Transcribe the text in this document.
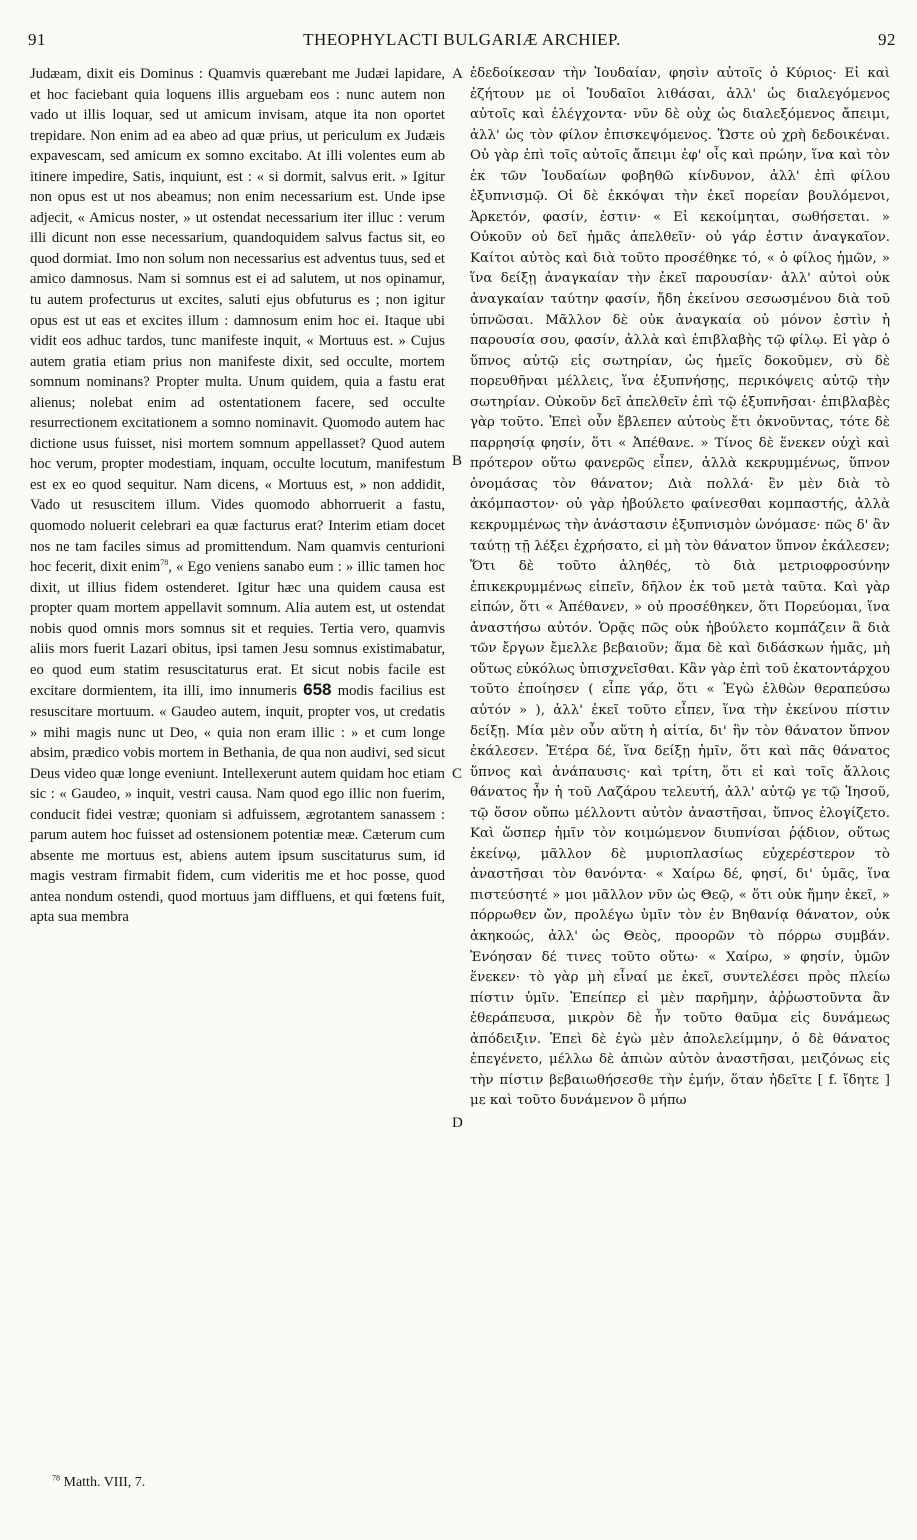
91	THEOPHYLACTI BULGARIÆ ARCHIEP.	92

Judæam, dixit eis Dominus : Quamvis quærebant me Judæi lapidare, et hoc faciebant quia loquens illis arguebam eos : nunc autem non vado ut illis loquar, sed ut amicum invisam, atque ita non oportet trepidare. Non enim ad ea abeo ad quæ prius, ut periculum ex Judæis expavescam, sed amicum ex somno excitabo. At illi volentes eum ab itinere impedire, Satis, inquiunt, est : « si dormit, salvus erit. » Igitur non opus est ut nos abeamus; non enim necessarium est. Unde ipse adjecit, « Amicus noster, » ut ostendat necessarium iter illuc : verum illi dicunt non esse necessarium, quandoquidem salvus factus sit, eo quod dormiat. Imo non solum non necessarius est adventus tuus, sed et amico damnosus. Nam si somnus est ei ad salutem, ut nos opinamur, tu autem profecturus ut excites, saluti ejus obfuturus es ; non igitur opus est ut eas et excites illum : damnosum enim hoc ei. Itaque ubi vidit eos adhuc tardos, tunc manifeste inquit, « Mortuus est. » Cujus autem gratia etiam prius non manifeste dixit, sed occulte, mortem somnum nominans? Propter multa. Unum quidem, quia a fastu erat alienus; nolebat enim ad ostentationem facere, sed occulte resurrectionem excitationem a somno nominavit. Quomodo autem hac dictione usus fuisset, nisi mortem somnum appellasset? Quod autem hoc verum, propter modestiam, inquam, occulte locutum, manifestum est ex eo quod sequitur. Nam dicens, « Mortuus est, » non addidit, Vado ut resuscitem illum. Vides quomodo abhorruerit a fastu, quomodo noluerit celebrari ea quæ facturus erat? Interim etiam docet nos ne tam faciles simus ad promittendum. Nam quamvis centurioni hoc fecerit, dixit enim$^{78}$, « Ego veniens sanabo eum : » illic tamen hoc dixit, ut illius fidem ostenderet. Igitur hæc una quidem causa est propter quam mortem appellavit somnum. Alia autem est, ut ostendat nobis quod omnis mors somnus sit et requies. Tertia vero, quamvis aliis mors fuerit Lazari obitus, ipsi tamen Jesu somnus existimabatur, eo quod eum statim resuscitaturus erat. Et sicut nobis facile est excitare dormientem, ita illi, imo innumeris 658 modis facilius est resuscitare mortuum. « Gaudeo autem, inquit, propter vos, ut credatis » mihi magis nunc ut Deo, « quia non eram illic : » et cum longe absim, prædico vobis mortem in Bethania, de qua non audivi, sed sicut Deus video quæ longe eveniunt. Intellexerunt autem quidam hoc etiam sic : « Gaudeo, » inquit, vestri causa. Nam quod ego illic non fuerim, conducit fidei vestræ; quoniam si adfuissem, ægrotantem sanassem : parum autem hoc fuisset ad ostensionem potentiæ meæ. Cæterum cum absente me mortuus est, abiens autem ipsum suscitaturus sum, id magis vestram firmabit fidem, cum videritis me et hoc posse, quod antea nondum ostendi, quod mortuus jam diffluens, et qui fœtens fuit, apta sua membra

A
B
C
D

ἐδεδοίκεσαν τὴν Ἰουδαίαν, φησὶν αὐτοῖς ὁ Κύριος· Εἰ καὶ ἐζήτουν με οἱ Ἰουδαῖοι λιθάσαι, ἀλλ' ὡς διαλεγόμενος αὐτοῖς καὶ ἐλέγχοντα· νῦν δὲ οὐχ ὡς διαλεξόμενος ἄπειμι, ἀλλ' ὡς τὸν φίλον ἐπισκεψόμενος. Ὥστε οὐ χρὴ δεδοικέναι. Οὐ γὰρ ἐπὶ τοῖς αὐτοῖς ἄπειμι ἐφ' οἷς καὶ πρώην, ἵνα καὶ τὸν ἐκ τῶν Ἰουδαίων φοβηθῶ κίνδυνον, ἀλλ' ἐπὶ φίλου ἐξυπνισμῷ. Οἱ δὲ ἐκκόψαι τὴν ἐκεῖ πορείαν βουλόμενοι, Ἀρκετόν, φασίν, ἐστιν· « Εἰ κεκοίμηται, σωθήσεται. » Οὐκοῦν οὐ δεῖ ἡμᾶς ἀπελθεῖν· οὐ γάρ ἐστιν ἀναγκαῖον. Καίτοι αὐτὸς καὶ διὰ τοῦτο προσέθηκε τό, « ὁ φίλος ἡμῶν, » ἵνα δείξῃ ἀναγκαίαν τὴν ἐκεῖ παρουσίαν· ἀλλ' αὐτοὶ οὐκ ἀναγκαίαν ταύτην φασίν, ἤδη ἐκείνου σεσωσμένου διὰ τοῦ ὑπνῶσαι. Μᾶλλον δὲ οὐκ ἀναγκαία οὐ μόνον ἐστὶν ἡ παρουσία σου, φασίν, ἀλλὰ καὶ ἐπιβλαβὴς τῷ φίλῳ. Εἰ γὰρ ὁ ὕπνος αὐτῷ εἰς σωτηρίαν, ὡς ἡμεῖς δοκοῦμεν, σὺ δὲ πορευθῆναι μέλλεις, ἵνα ἐξυπνήσῃς, περικόψεις αὐτῷ τὴν σωτηρίαν. Οὐκοῦν δεῖ ἀπελθεῖν ἐπὶ τῷ ἐξυπνῆσαι· ἐπιβλαβὲς γὰρ τοῦτο. Ἐπεὶ οὖν ἔβλεπεν αὐτοὺς ἔτι ὀκνοῦντας, τότε δὲ παρρησίᾳ φησίν, ὅτι « Ἀπέθανε. » Τίνος δὲ ἕνεκεν οὐχὶ καὶ πρότερον οὕτω φανερῶς εἶπεν, ἀλλὰ κεκρυμμένως, ὕπνον ὀνομάσας τὸν θάνατον; Διὰ πολλά· ἓν μὲν διὰ τὸ ἀκόμπαστον· οὐ γὰρ ἠβούλετο φαίνεσθαι κομπαστής, ἀλλὰ κεκρυμμένως τὴν ἀνάστασιν ἐξυπνισμὸν ὠνόμασε· πῶς δ' ἂν ταύτῃ τῇ λέξει ἐχρήσατο, εἰ μὴ τὸν θάνατον ὕπνον ἐκάλεσεν; Ὅτι δὲ τοῦτο ἀληθές, τὸ διὰ μετριοφροσύνην ἐπικεκρυμμένως εἰπεῖν, δῆλον ἐκ τοῦ μετὰ ταῦτα. Καὶ γὰρ εἰπών, ὅτι « Ἀπέθανεν, » οὐ προσέθηκεν, ὅτι Πορεύομαι, ἵνα ἀναστήσω αὐτόν. Ὁρᾷς πῶς οὐκ ἠβούλετο κομπάζειν ἃ διὰ τῶν ἔργων ἔμελλε βεβαιοῦν; ἅμα δὲ καὶ διδάσκων ἡμᾶς, μὴ οὕτως εὐκόλως ὑπισχνεῖσθαι. Κἂν γὰρ ἐπὶ τοῦ ἑκατοντάρχου τοῦτο ἐποίησεν ( εἶπε γάρ, ὅτι « Ἐγὼ ἐλθὼν θεραπεύσω αὐτόν » ), ἀλλ' ἐκεῖ τοῦτο εἶπεν, ἵνα τὴν ἐκείνου πίστιν δείξῃ. Μία μὲν οὖν αὕτη ἡ αἰτία, δι' ἣν τὸν θάνατον ὕπνον ἐκάλεσεν. Ἑτέρα δέ, ἵνα δείξῃ ἡμῖν, ὅτι καὶ πᾶς θάνατος ὕπνος καὶ ἀνάπαυσις· καὶ τρίτη, ὅτι εἰ καὶ τοῖς ἄλλοις θάνατος ἦν ἡ τοῦ Λαζάρου τελευτή, ἀλλ' αὐτῷ γε τῷ Ἰησοῦ, τῷ ὅσον οὔπω μέλλοντι αὐτὸν ἀναστῆσαι, ὕπνος ἐλογίζετο. Καὶ ὥσπερ ἡμῖν τὸν κοιμώμενον διυπνίσαι ῥᾴδιον, οὕτως ἐκείνῳ, μᾶλλον δὲ μυριοπλασίως εὐχερέστερον τὸ ἀναστῆσαι τὸν θανόντα· « Χαίρω δέ, φησί, δι' ὑμᾶς, ἵνα πιστεύσητέ » μοι μᾶλλον νῦν ὡς Θεῷ, « ὅτι οὐκ ἤμην ἐκεῖ, » πόρρωθεν ὤν, προλέγω ὑμῖν τὸν ἐν Βηθανίᾳ θάνατον, οὐκ ἀκηκοώς, ἀλλ' ὡς Θεὸς, προορῶν τὸ πόρρω συμβάν. Ἐνόησαν δέ τινες τοῦτο οὕτω· « Χαίρω, » φησίν, ὑμῶν ἕνεκεν· τὸ γὰρ μὴ εἶναί με ἐκεῖ, συντελέσει πρὸς πλείω πίστιν ὑμῖν. Ἐπείπερ εἰ μὲν παρῆμην, ἀῤῥωστοῦντα ἂν ἐθεράπευσα, μικρὸν δὲ ἦν τοῦτο θαῦμα εἰς δυνάμεως ἀπόδειξιν. Ἐπεὶ δὲ ἐγὼ μὲν ἀπολελείμμην, ὁ δὲ θάνατος ἐπεγένετο, μέλλω δὲ ἀπιὼν αὐτὸν ἀναστῆσαι, μειζόνως εἰς τὴν πίστιν βεβαιωθήσεσθε τὴν ἐμήν, ὅταν ἠδεῖτε [ f. ἴδητε ] με καὶ τοῦτο δυνάμενον ὃ μήπω

$^{78}$ Matth. VIII, 7.
